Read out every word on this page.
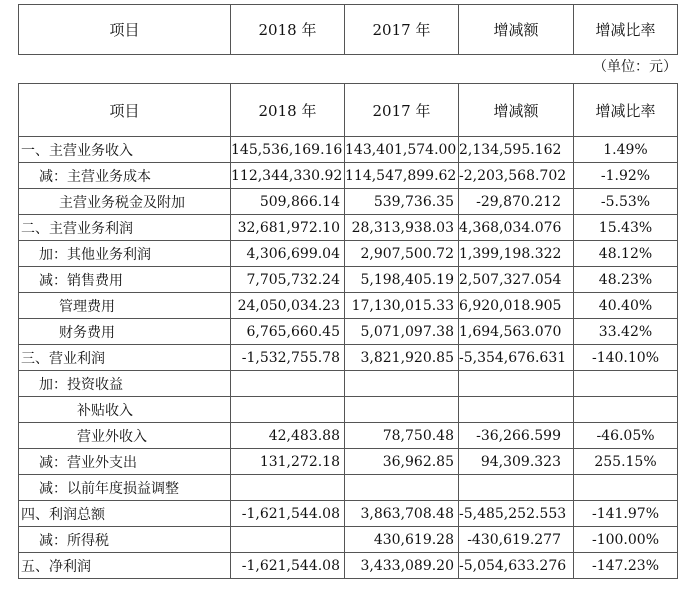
项目	2018 年	2017 年	增减额	增减比率
（单位：元）
项目	2018 年	2017 年	增减额	增减比率
一、主营业务收入	145,536,169.16	143,401,574.00	2,134,595.162	1.49%
减：主营业务成本	112,344,330.92	114,547,899.62	-2,203,568.702	-1.92%
主营业务税金及附加	509,866.14	539,736.35	-29,870.212	-5.53%
二、主营业务利润	32,681,972.10	28,313,938.03	4,368,034.076	15.43%
加：其他业务利润	4,306,699.04	2,907,500.72	1,399,198.322	48.12%
减：销售费用	7,705,732.24	5,198,405.19	2,507,327.054	48.23%
管理费用	24,050,034.23	17,130,015.33	6,920,018.905	40.40%
财务费用	6,765,660.45	5,071,097.38	1,694,563.070	33.42%
三、营业利润	-1,532,755.78	3,821,920.85	-5,354,676.631	-140.10%
加：投资收益				
补贴收入				
营业外收入	42,483.88	78,750.48	-36,266.599	-46.05%
减：营业外支出	131,272.18	36,962.85	94,309.323	255.15%
减：以前年度损益调整				
四、利润总额	-1,621,544.08	3,863,708.48	-5,485,252.553	-141.97%
减：所得税		430,619.28	-430,619.277	-100.00%
五、净利润	-1,621,544.08	3,433,089.20	-5,054,633.276	-147.23%
